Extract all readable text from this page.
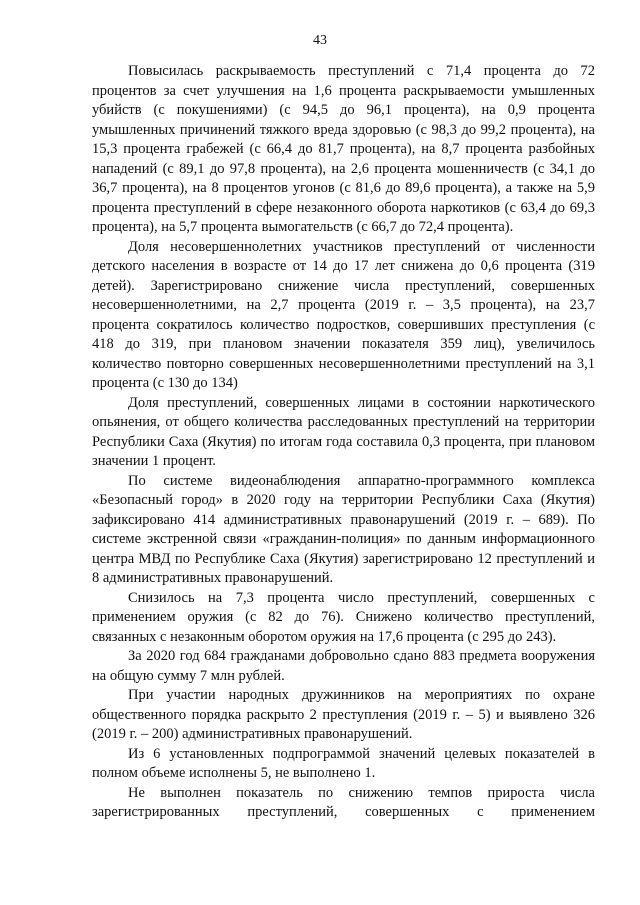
43

Повысилась раскрываемость преступлений с 71,4 процента до 72 процентов за счет улучшения на 1,6 процента раскрываемости умышленных убийств (с покушениями) (с 94,5 до 96,1 процента), на 0,9 процента умышленных причинений тяжкого вреда здоровью (с 98,3 до 99,2 процента), на 15,3 процента грабежей (с 66,4 до 81,7 процента), на 8,7 процента разбойных нападений (с 89,1 до 97,8 процента), на 2,6 процента мошенничеств (с 34,1 до 36,7 процента), на 8 процентов угонов (с 81,6 до 89,6 процента), а также на 5,9 процента преступлений в сфере незаконного оборота наркотиков (с 63,4 до 69,3 процента), на 5,7 процента вымогательств (с 66,7 до 72,4 процента).

Доля несовершеннолетних участников преступлений от численности детского населения в возрасте от 14 до 17 лет снижена до 0,6 процента (319 детей). Зарегистрировано снижение числа преступлений, совершенных несовершеннолетними, на 2,7 процента (2019 г. – 3,5 процента), на 23,7 процента сократилось количество подростков, совершивших преступления (с 418 до 319, при плановом значении показателя 359 лиц), увеличилось количество повторно совершенных несовершеннолетними преступлений на 3,1 процента (с 130 до 134)

Доля преступлений, совершенных лицами в состоянии наркотического опьянения, от общего количества расследованных преступлений на территории Республики Саха (Якутия) по итогам года составила 0,3 процента, при плановом значении 1 процент.

По системе видеонаблюдения аппаратно-программного комплекса «Безопасный город» в 2020 году на территории Республики Саха (Якутия) зафиксировано 414 административных правонарушений (2019 г. – 689). По системе экстренной связи «гражданин-полиция» по данным информационного центра МВД по Республике Саха (Якутия) зарегистрировано 12 преступлений и 8 административных правонарушений.

Снизилось на 7,3 процента число преступлений, совершенных с применением оружия (с 82 до 76). Снижено количество преступлений, связанных с незаконным оборотом оружия на 17,6 процента (с 295 до 243).

За 2020 год 684 гражданами добровольно сдано 883 предмета вооружения на общую сумму 7 млн рублей.

При участии народных дружинников на мероприятиях по охране общественного порядка раскрыто 2 преступления (2019 г. – 5) и выявлено 326 (2019 г. – 200) административных правонарушений.

Из 6 установленных подпрограммой значений целевых показателей в полном объеме исполнены 5, не выполнено 1.

Не выполнен показатель по снижению темпов прироста числа зарегистрированных преступлений, совершенных с применением
